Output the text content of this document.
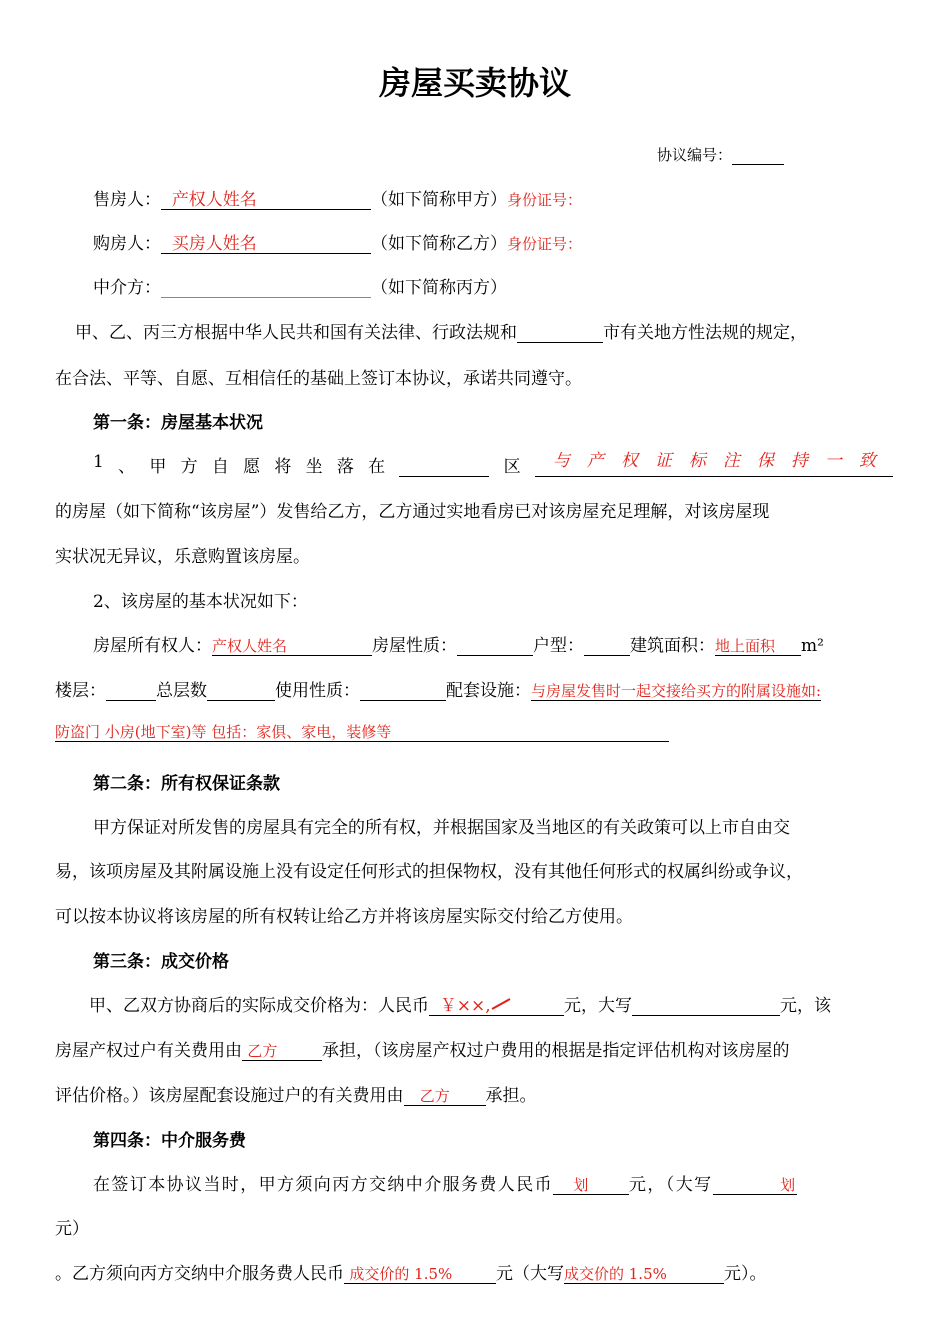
房屋买卖协议
协议编号：
售房人： 产权人姓名	（如下简称甲方）身份证号：
购房人： 买房人姓名	（如下简称乙方）身份证号：
中介方：	（如下简称丙方）
甲、乙、丙三方根据中华人民共和国有关法律、行政法规和	市有关地方性法规的规定，
在合法、平等、自愿、互相信任的基础上签订本协议，承诺共同遵守。
第一条：房屋基本状况
1 、 甲 方 自 愿 将 坐 落 在
	区	与产权证标注保持一致
的房屋（如下简称“该房屋”）发售给乙方，乙方通过实地看房已对该房屋充足理解，对该房屋现
实状况无异议，乐意购置该房屋。
2、该房屋的基本状况如下：
房屋所有权人：产权人姓名	房屋性质：	户型：	建筑面积：地上面积 m²
楼层：	总层数	使用性质：	配套设施：与房屋发售时一起交接给买方的附属设施如:
防盗门 小房(地下室)等 包括：家俱、家电，装修等
第二条：所有权保证条款
甲方保证对所发售的房屋具有完全的所有权，并根据国家及当地区的有关政策可以上市自由交
易，该项房屋及其附属设施上没有设定任何形式的担保物权，没有其他任何形式的权属纠纷或争议，
可以按本协议将该房屋的所有权转让给乙方并将该房屋实际交付给乙方使用。
第三条：成交价格
甲、乙双方协商后的实际成交价格为：人民币 ￥××,	元，大写	元，该
房屋产权过户有关费用由 乙方	承担，（该房屋产权过户费用的根据是指定评估机构对该房屋的
评估价格。）该房屋配套设施过户的有关费用由 乙方 承担。
第四条：中介服务费
在签订本协议当时，甲方须向丙方交纳中介服务费人民币 划 元，（大写	划
元）
。乙方须向丙方交纳中介服务费人民币 成交价的 1.5%	元（大写成交价的 1.5%	元）。
